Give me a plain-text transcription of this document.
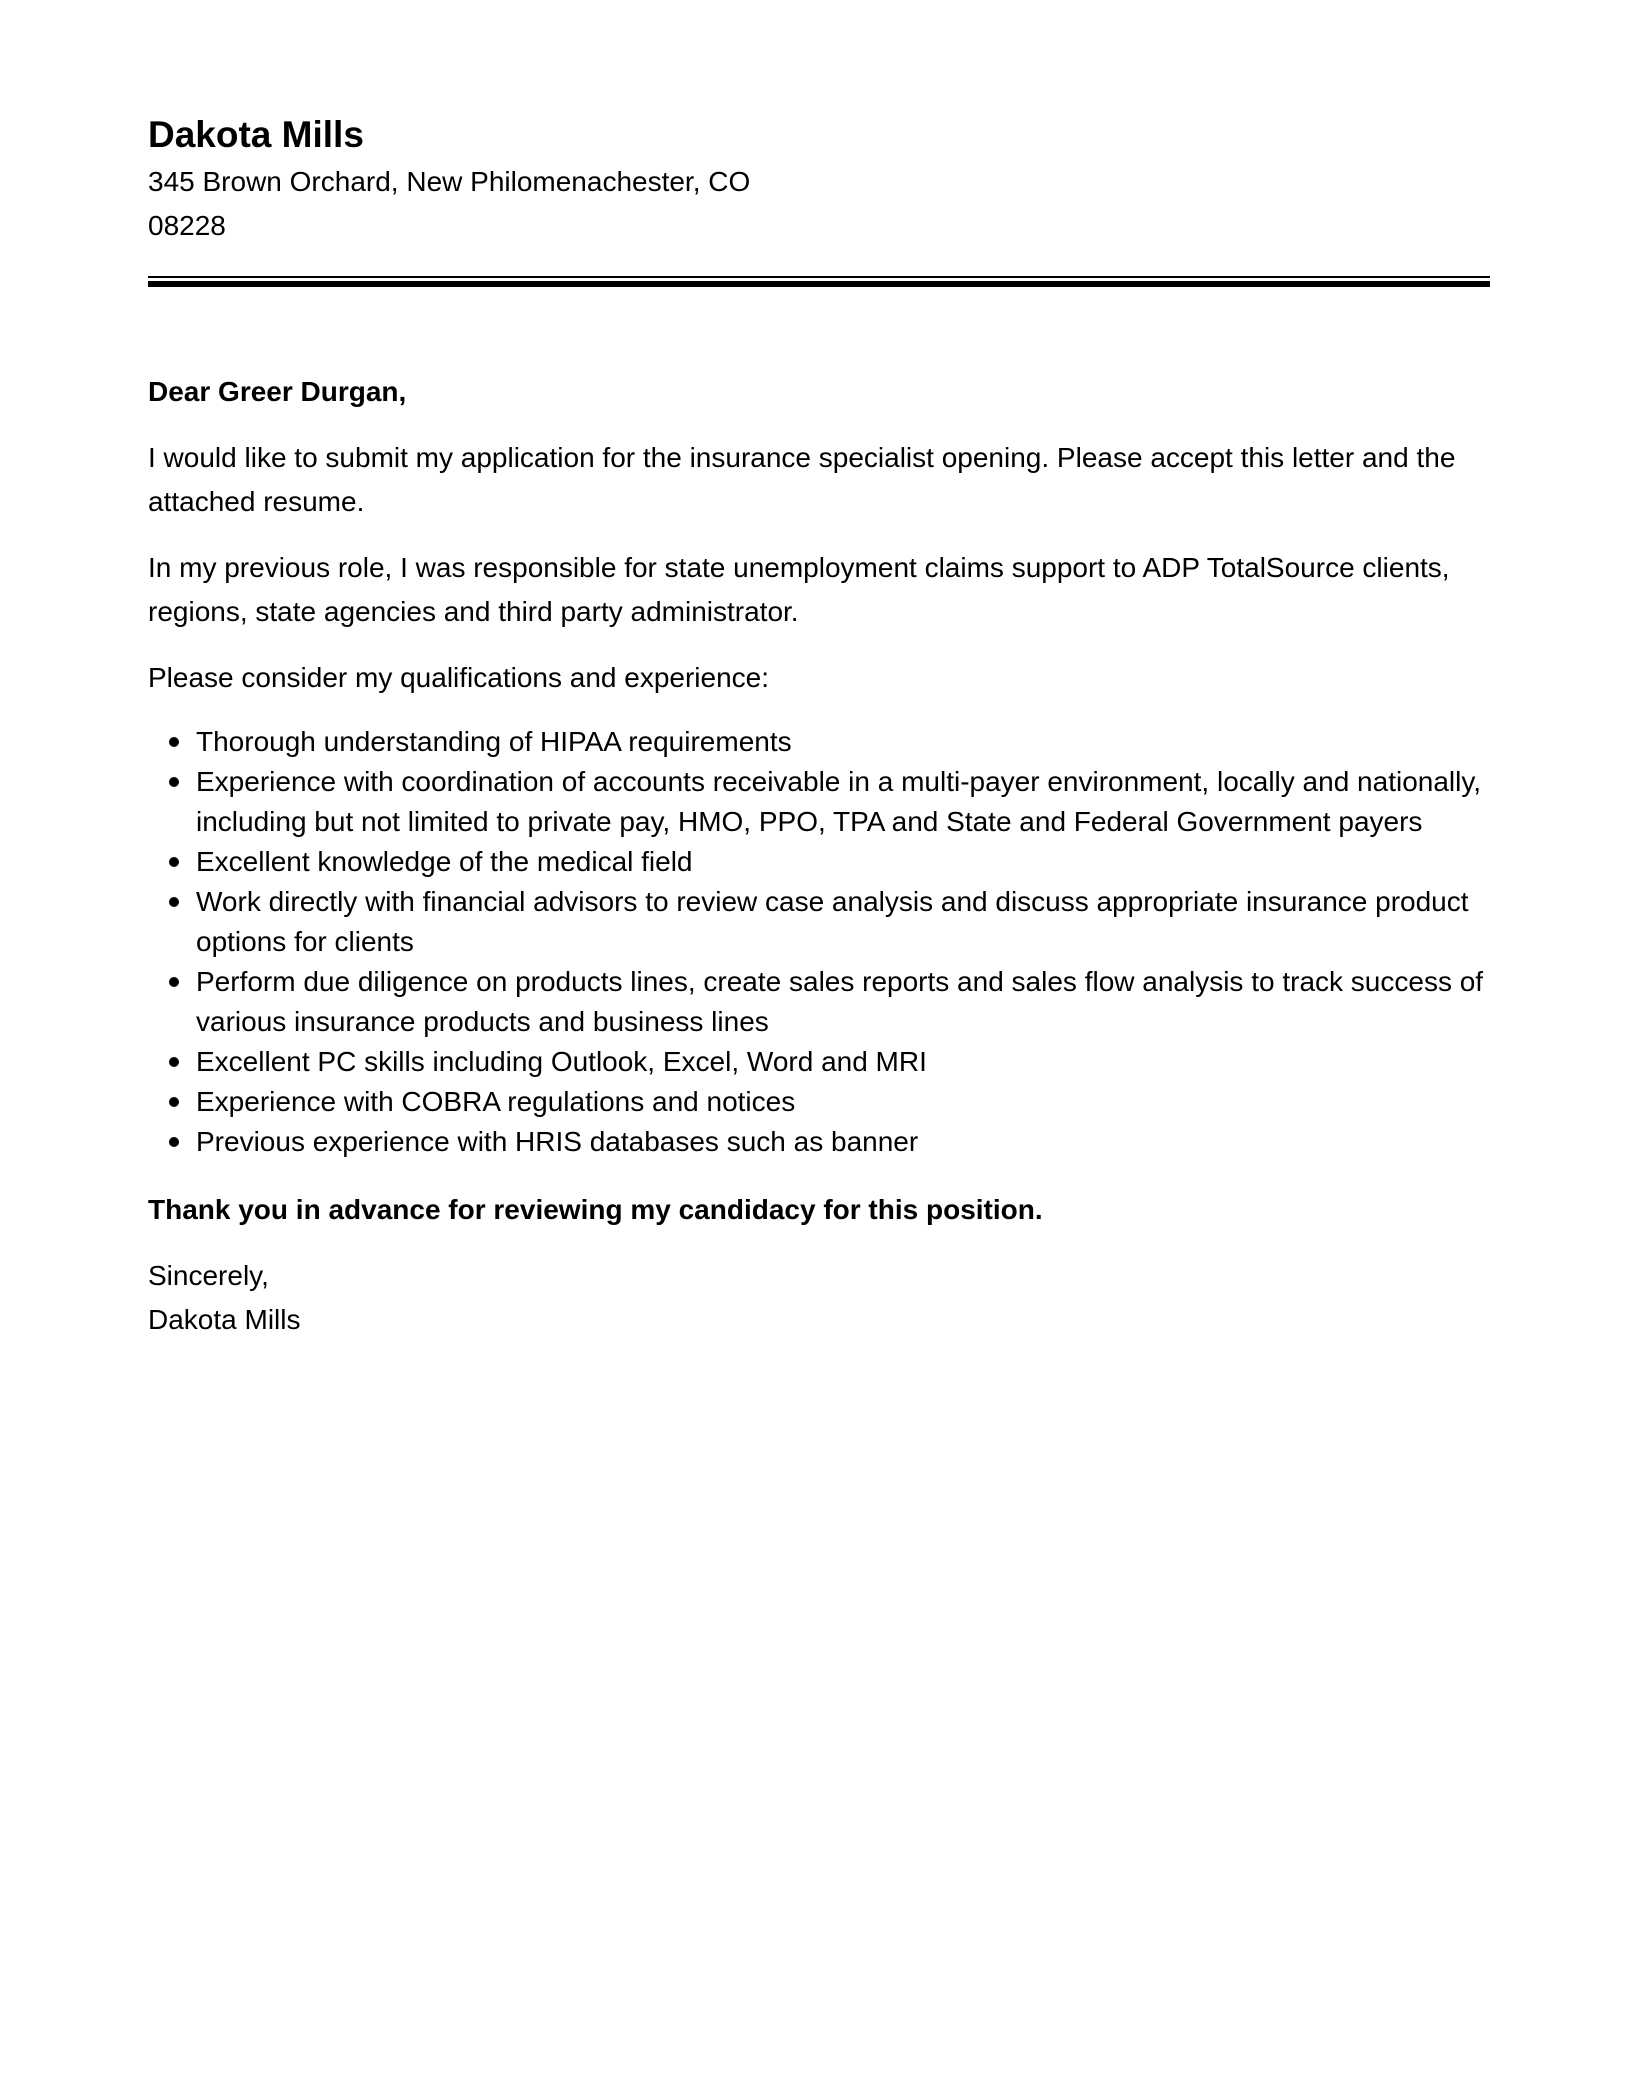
Dakota Mills
345 Brown Orchard, New Philomenachester, CO 08228

Dear Greer Durgan,

I would like to submit my application for the insurance specialist opening. Please accept this letter and the attached resume.

In my previous role, I was responsible for state unemployment claims support to ADP TotalSource clients, regions, state agencies and third party administrator.

Please consider my qualifications and experience:

Thorough understanding of HIPAA requirements
Experience with coordination of accounts receivable in a multi-payer environment, locally and nationally, including but not limited to private pay, HMO, PPO, TPA and State and Federal Government payers
Excellent knowledge of the medical field
Work directly with financial advisors to review case analysis and discuss appropriate insurance product options for clients
Perform due diligence on products lines, create sales reports and sales flow analysis to track success of various insurance products and business lines
Excellent PC skills including Outlook, Excel, Word and MRI
Experience with COBRA regulations and notices
Previous experience with HRIS databases such as banner

Thank you in advance for reviewing my candidacy for this position.

Sincerely,

Dakota Mills
